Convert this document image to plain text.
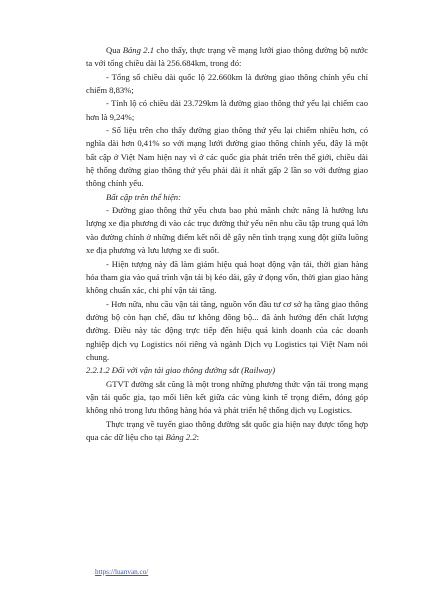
Qua Bảng 2.1 cho thấy, thực trạng về mạng lưới giao thông đường bộ nước ta với tổng chiều dài là 256.684km, trong đó:

- Tổng số chiều dài quốc lộ 22.660km là đường giao thông chính yếu chỉ chiếm 8,83%;

- Tỉnh lộ có chiều dài 23.729km là đường giao thông thứ yếu lại chiếm cao hơn là 9,24%;

- Số liệu trên cho thấy đường giao thông thứ yếu lại chiếm nhiều hơn, có nghĩa dài hơn 0,41% so với mạng lưới đường giao thông chính yếu, đây là một bất cập ở Việt Nam hiện nay vì ở các quốc gia phát triển trên thế giới, chiều dài hệ thống đường giao thông thứ yếu phải dài ít nhất gấp 2 lần so với đường giao thông chính yếu.

Bất cập trên thể hiện:

- Đường giao thông thứ yếu chưa bao phủ mãnh chức năng là hướng lưu lượng xe địa phương đi vào các trục đường thứ yếu nên nhu cầu tập trung quá lớn vào đường chính ở những điểm kết nối dễ gây nên tình trạng xung đột giữa luồng xe địa phương và lưu lượng xe đi suốt.

- Hiện tượng này đã làm giảm hiệu quả hoạt động vận tải, thời gian hàng hóa tham gia vào quá trình vận tải bị kéo dài, gây ứ đọng vốn, thời gian giao hàng không chuẩn xác, chi phí vận tải tăng.

- Hơn nữa, nhu cầu vận tải tăng, nguồn vốn đầu tư cơ sở hạ tầng giao thông đường bộ còn hạn chế, đầu tư không đồng bộ... đã ảnh hưởng đến chất lượng đường. Điều này tác động trực tiếp đến hiệu quả kinh doanh của các doanh nghiệp dịch vụ Logistics nói riêng và ngành Dịch vụ Logistics tại Việt Nam nói chung.

2.2.1.2 Đối với vận tải giao thông đường sắt (Railway)

GTVT đường sắt cũng là một trong những phương thức vận tải trong mạng vận tải quốc gia, tạo mối liên kết giữa các vùng kinh tế trọng điểm, đóng góp không nhỏ trong lưu thông hàng hóa và phát triển hệ thống dịch vụ Logistics.

Thực trạng về tuyến giao thông đường sắt quốc gia hiện nay được tổng hợp qua các dữ liệu cho tại Bảng 2.2:

https://luanvan.co/
